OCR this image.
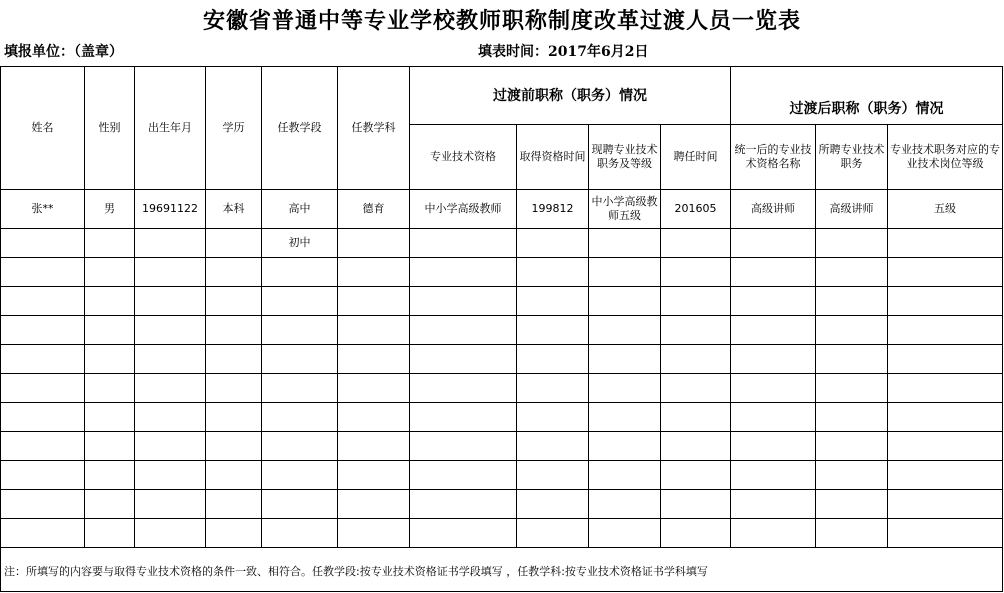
安徽省普通中等专业学校教师职称制度改革过渡人员一览表
填报单位：（盖章）	填表时间：2017年6月2日
姓名	性别	出生年月	学历	任教学段	任教学科	过渡前职称（职务）情况						
										过渡后职称（职务）情况		
						专业技术资格	取得资格时间	现聘专业技术职务及等级	聘任时间	统一后的专业技术资格名称	所聘专业技术职务	专业技术职务对应的专业技术岗位等级
张**	男	19691122	本科	高中	德育	中小学高级教师	199812	中小学高级教师五级	201605	高级讲师	高级讲师	五级
				初中								

注：所填写的内容要与取得专业技术资格的条件一致、相符合。任教学段:按专业技术资格证书学段填写 ，任教学科:按专业技术资格证书学科填写
